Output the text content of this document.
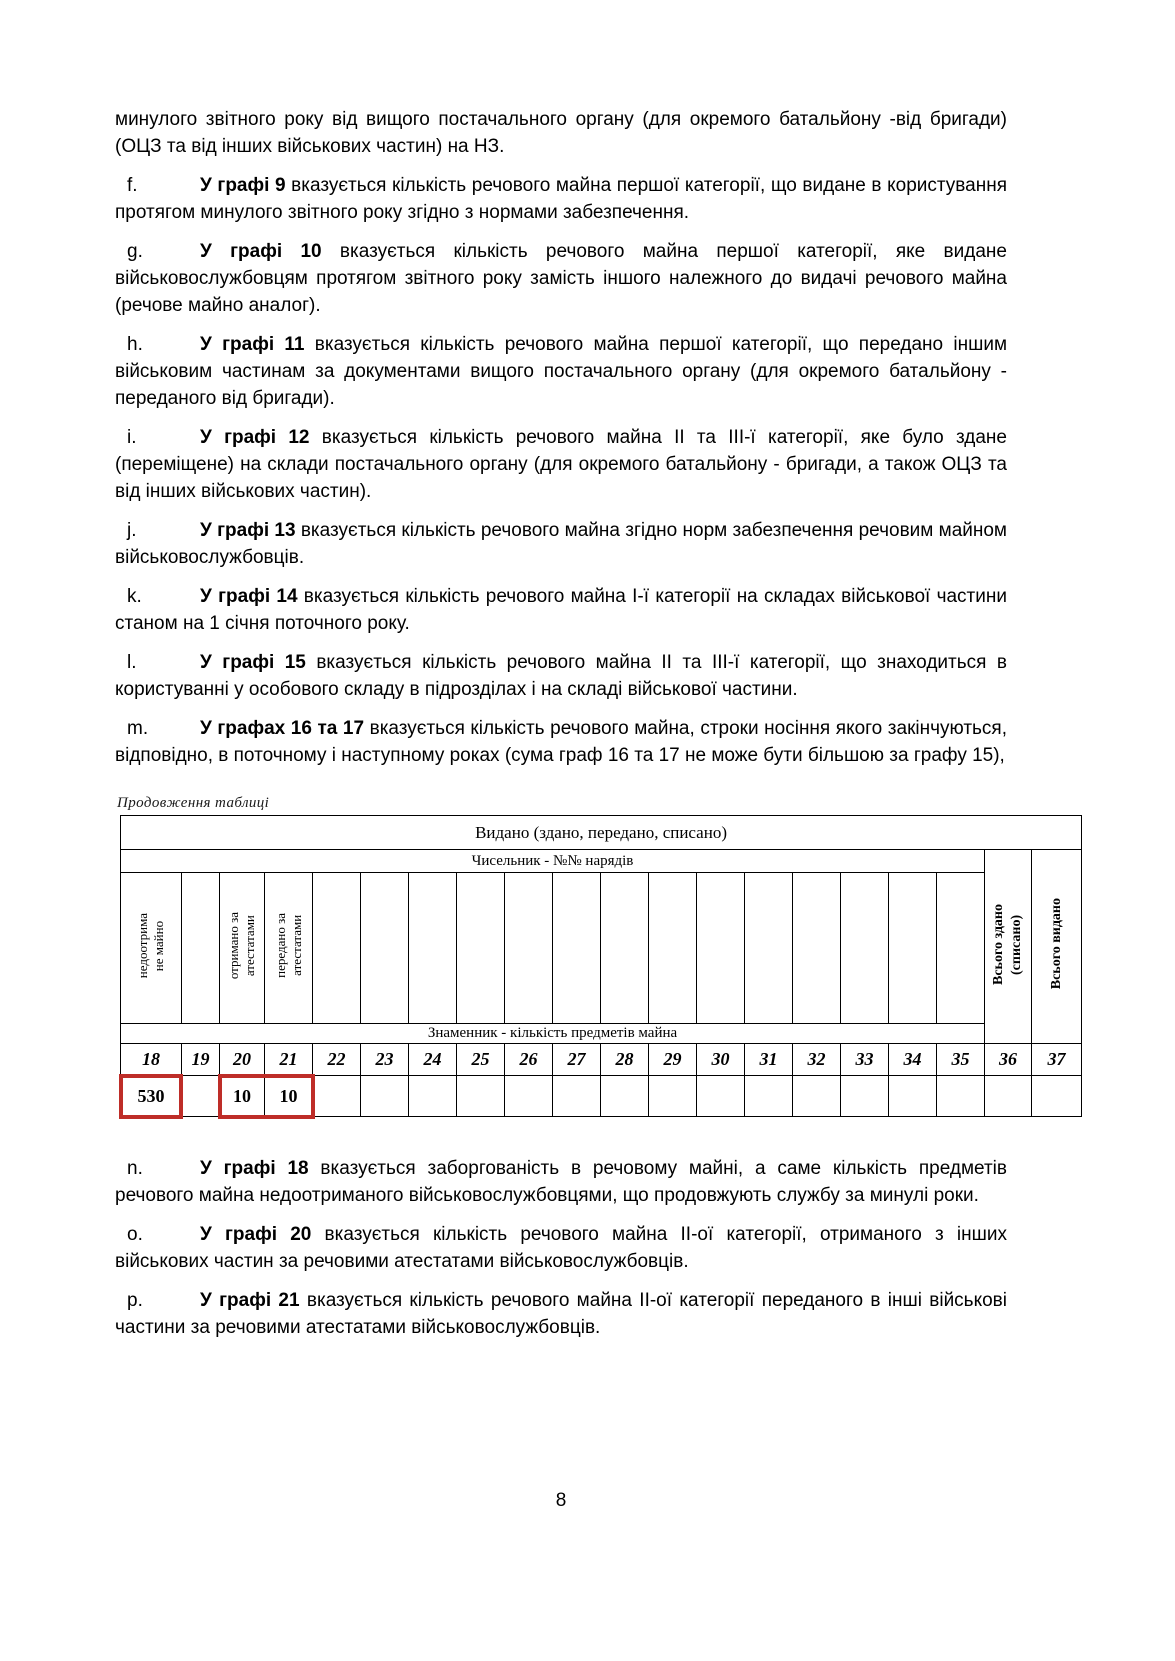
минулого звітного року від вищого постачального органу (для окремого батальйону -від бригади) (ОЦЗ та від інших військових частин) на НЗ.

f.	У графі 9 вказується кількість речового майна першої категорії, що видане в користування протягом минулого звітного року згідно з нормами забезпечення.

g.	У графі 10 вказується кількість речового майна першої категорії, яке видане військовослужбовцям протягом звітного року замість іншого належного до видачі речового майна (речове майно аналог).

h.	У графі 11 вказується кількість речового майна першої категорії, що передано іншим військовим частинам за документами вищого постачального органу (для окремого батальйону - переданого від бригади).

i.	У графі 12 вказується кількість речового майна II та III-ї категорії, яке було здане (переміщене) на склади постачального органу (для окремого батальйону - бригади, а також ОЦЗ та від інших військових частин).

j.	У графі 13 вказується кількість речового майна згідно норм забезпечення речовим майном військовослужбовців.

k.	У графі 14 вказується кількість речового майна I-ї категорії на складах військової частини станом на 1 січня поточного року.

l.	У графі 15 вказується кількість речового майна II та III-ї категорії, що знаходиться в користуванні у особового складу в підрозділах і на складі військової частини.

m.	У графах 16 та 17 вказується кількість речового майна, строки носіння якого закінчуються, відповідно, в поточному і наступному роках (сума граф 16 та 17 не може бути більшою за графу 15),

Продовження таблиці
Видано (здано, передано, списано)																			
Чисельник - №№ нарядів																		Всього здано (списано)	Всього видано

недоотрима не майно		отримано за атестатами	передано за атестатами																

Знаменник - кількість предметів майна																			
18	19	20	21	22	23	24	25	26	27	28	29	30	31	32	33	34	35	36	37
530		10	10																

n.	У графі 18 вказується заборгованість в речовому майні, а саме кількість предметів речового майна недоотриманого військовослужбовцями, що продовжують службу за минулі роки.

o.	У графі 20 вказується кількість речового майна II-ої категорії, отриманого з інших військових частин за речовими атестатами військовослужбовців.

p.	У графі 21 вказується кількість речового майна II-ої категорії переданого в інші військові частини за речовими атестатами військовослужбовців.

8
